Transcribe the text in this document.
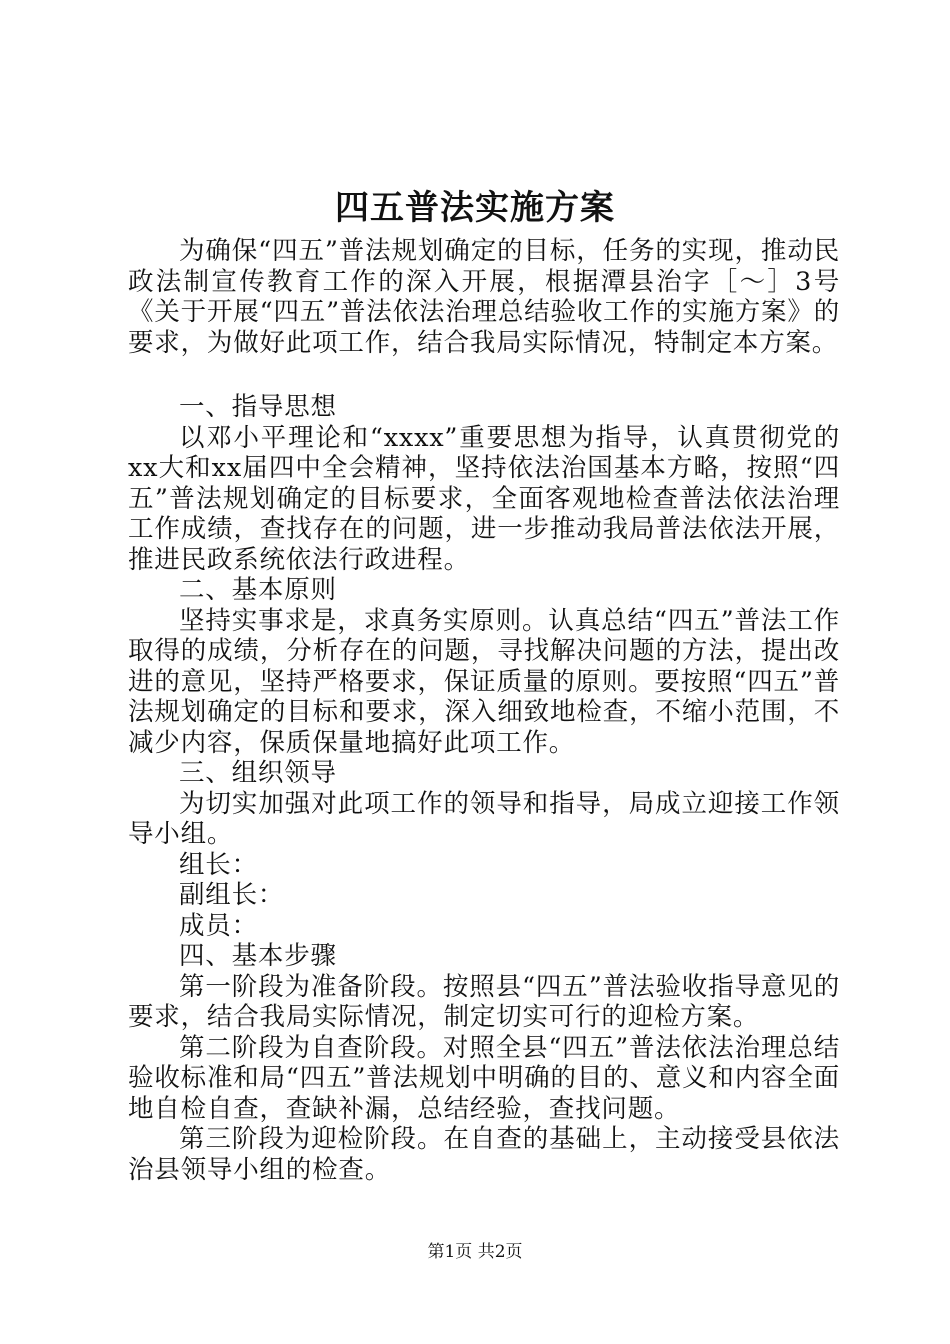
四五普法实施方案

为确保“四五”普法规划确定的目标，任务的实现，推动民政法制宣传教育工作的深入开展，根据潭县治字［～］3号《关于开展“四五”普法依法治理总结验收工作的实施方案》的要求，为做好此项工作，结合我局实际情况，特制定本方案。

一、指导思想

以邓小平理论和“xxxx”重要思想为指导，认真贯彻党的xx大和xx届四中全会精神，坚持依法治国基本方略，按照“四五”普法规划确定的目标要求，全面客观地检查普法依法治理工作成绩，查找存在的问题，进一步推动我局普法依法开展，推进民政系统依法行政进程。

二、基本原则

坚持实事求是，求真务实原则。认真总结“四五”普法工作取得的成绩，分析存在的问题，寻找解决问题的方法，提出改进的意见，坚持严格要求，保证质量的原则。要按照“四五”普法规划确定的目标和要求，深入细致地检查，不缩小范围，不减少内容，保质保量地搞好此项工作。

三、组织领导

为切实加强对此项工作的领导和指导，局成立迎接工作领导小组。

组长：

副组长：

成员：

四、基本步骤

第一阶段为准备阶段。按照县“四五”普法验收指导意见的要求，结合我局实际情况，制定切实可行的迎检方案。

第二阶段为自查阶段。对照全县“四五”普法依法治理总结验收标准和局“四五”普法规划中明确的目的、意义和内容全面地自检自查，查缺补漏，总结经验，查找问题。

第三阶段为迎检阶段。在自查的基础上，主动接受县依法治县领导小组的检查。

第1页 共2页
